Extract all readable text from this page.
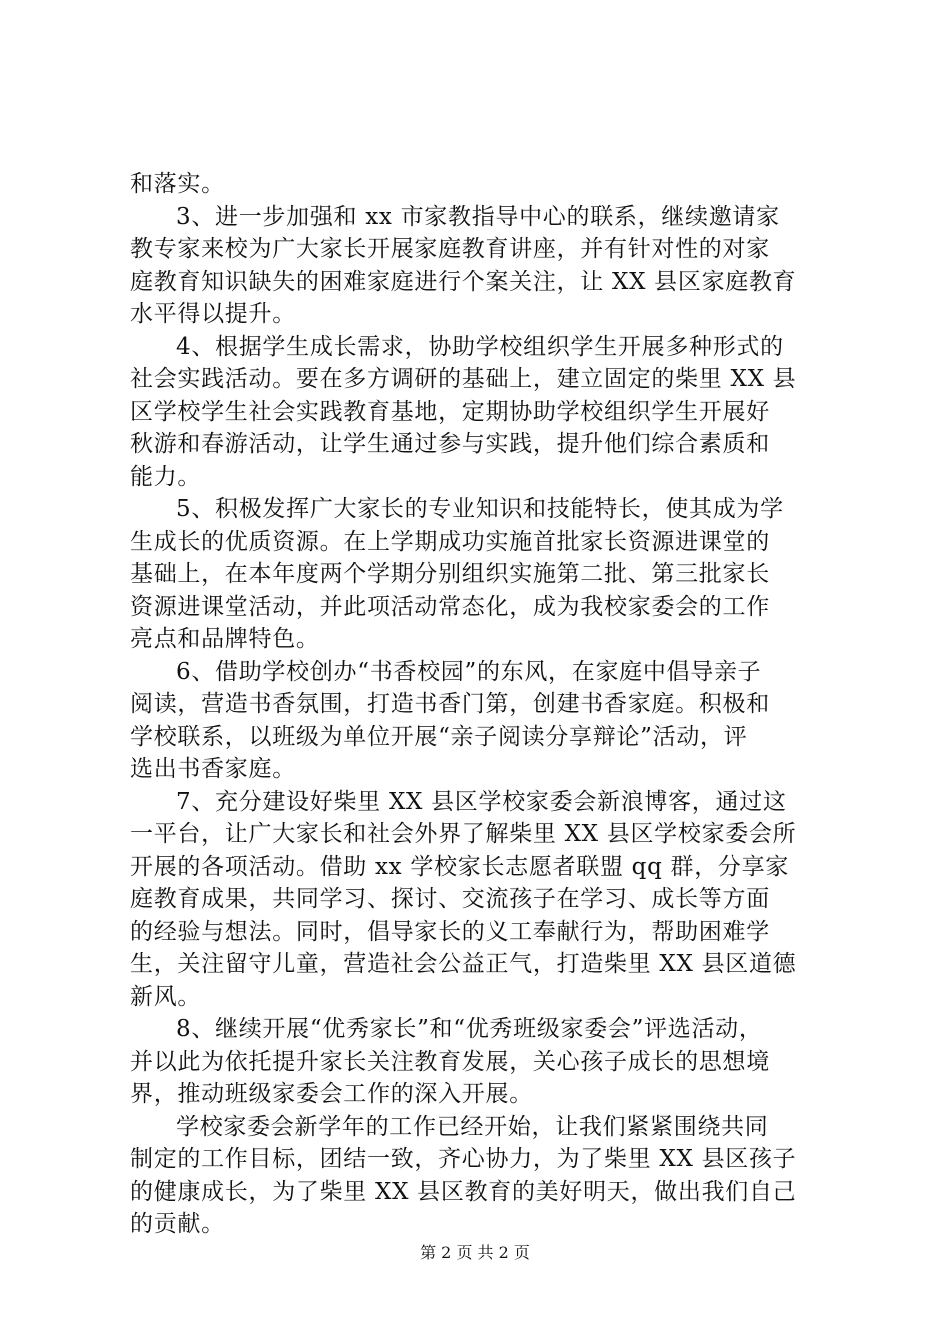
和落实。
3、进一步加强和 xx 市家教指导中心的联系，继续邀请家
教专家来校为广大家长开展家庭教育讲座，并有针对性的对家
庭教育知识缺失的困难家庭进行个案关注，让 XX 县区家庭教育
水平得以提升。
4、根据学生成长需求，协助学校组织学生开展多种形式的
社会实践活动。要在多方调研的基础上，建立固定的柴里 XX 县
区学校学生社会实践教育基地，定期协助学校组织学生开展好
秋游和春游活动，让学生通过参与实践，提升他们综合素质和
能力。
5、积极发挥广大家长的专业知识和技能特长，使其成为学
生成长的优质资源。在上学期成功实施首批家长资源进课堂的
基础上，在本年度两个学期分别组织实施第二批、第三批家长
资源进课堂活动，并此项活动常态化，成为我校家委会的工作
亮点和品牌特色。
6、借助学校创办“书香校园”的东风，在家庭中倡导亲子
阅读，营造书香氛围，打造书香门第，创建书香家庭。积极和
学校联系，以班级为单位开展“亲子阅读分享辩论”活动，评
选出书香家庭。
7、充分建设好柴里 XX 县区学校家委会新浪博客，通过这
一平台，让广大家长和社会外界了解柴里 XX 县区学校家委会所
开展的各项活动。借助 xx 学校家长志愿者联盟 qq 群，分享家
庭教育成果，共同学习、探讨、交流孩子在学习、成长等方面
的经验与想法。同时，倡导家长的义工奉献行为，帮助困难学
生，关注留守儿童，营造社会公益正气，打造柴里 XX 县区道德
新风。
8、继续开展“优秀家长”和“优秀班级家委会”评选活动，
并以此为依托提升家长关注教育发展，关心孩子成长的思想境
界，推动班级家委会工作的深入开展。
学校家委会新学年的工作已经开始，让我们紧紧围绕共同
制定的工作目标，团结一致，齐心协力，为了柴里 XX 县区孩子
的健康成长，为了柴里 XX 县区教育的美好明天，做出我们自己
的贡献。
第 2 页 共 2 页
